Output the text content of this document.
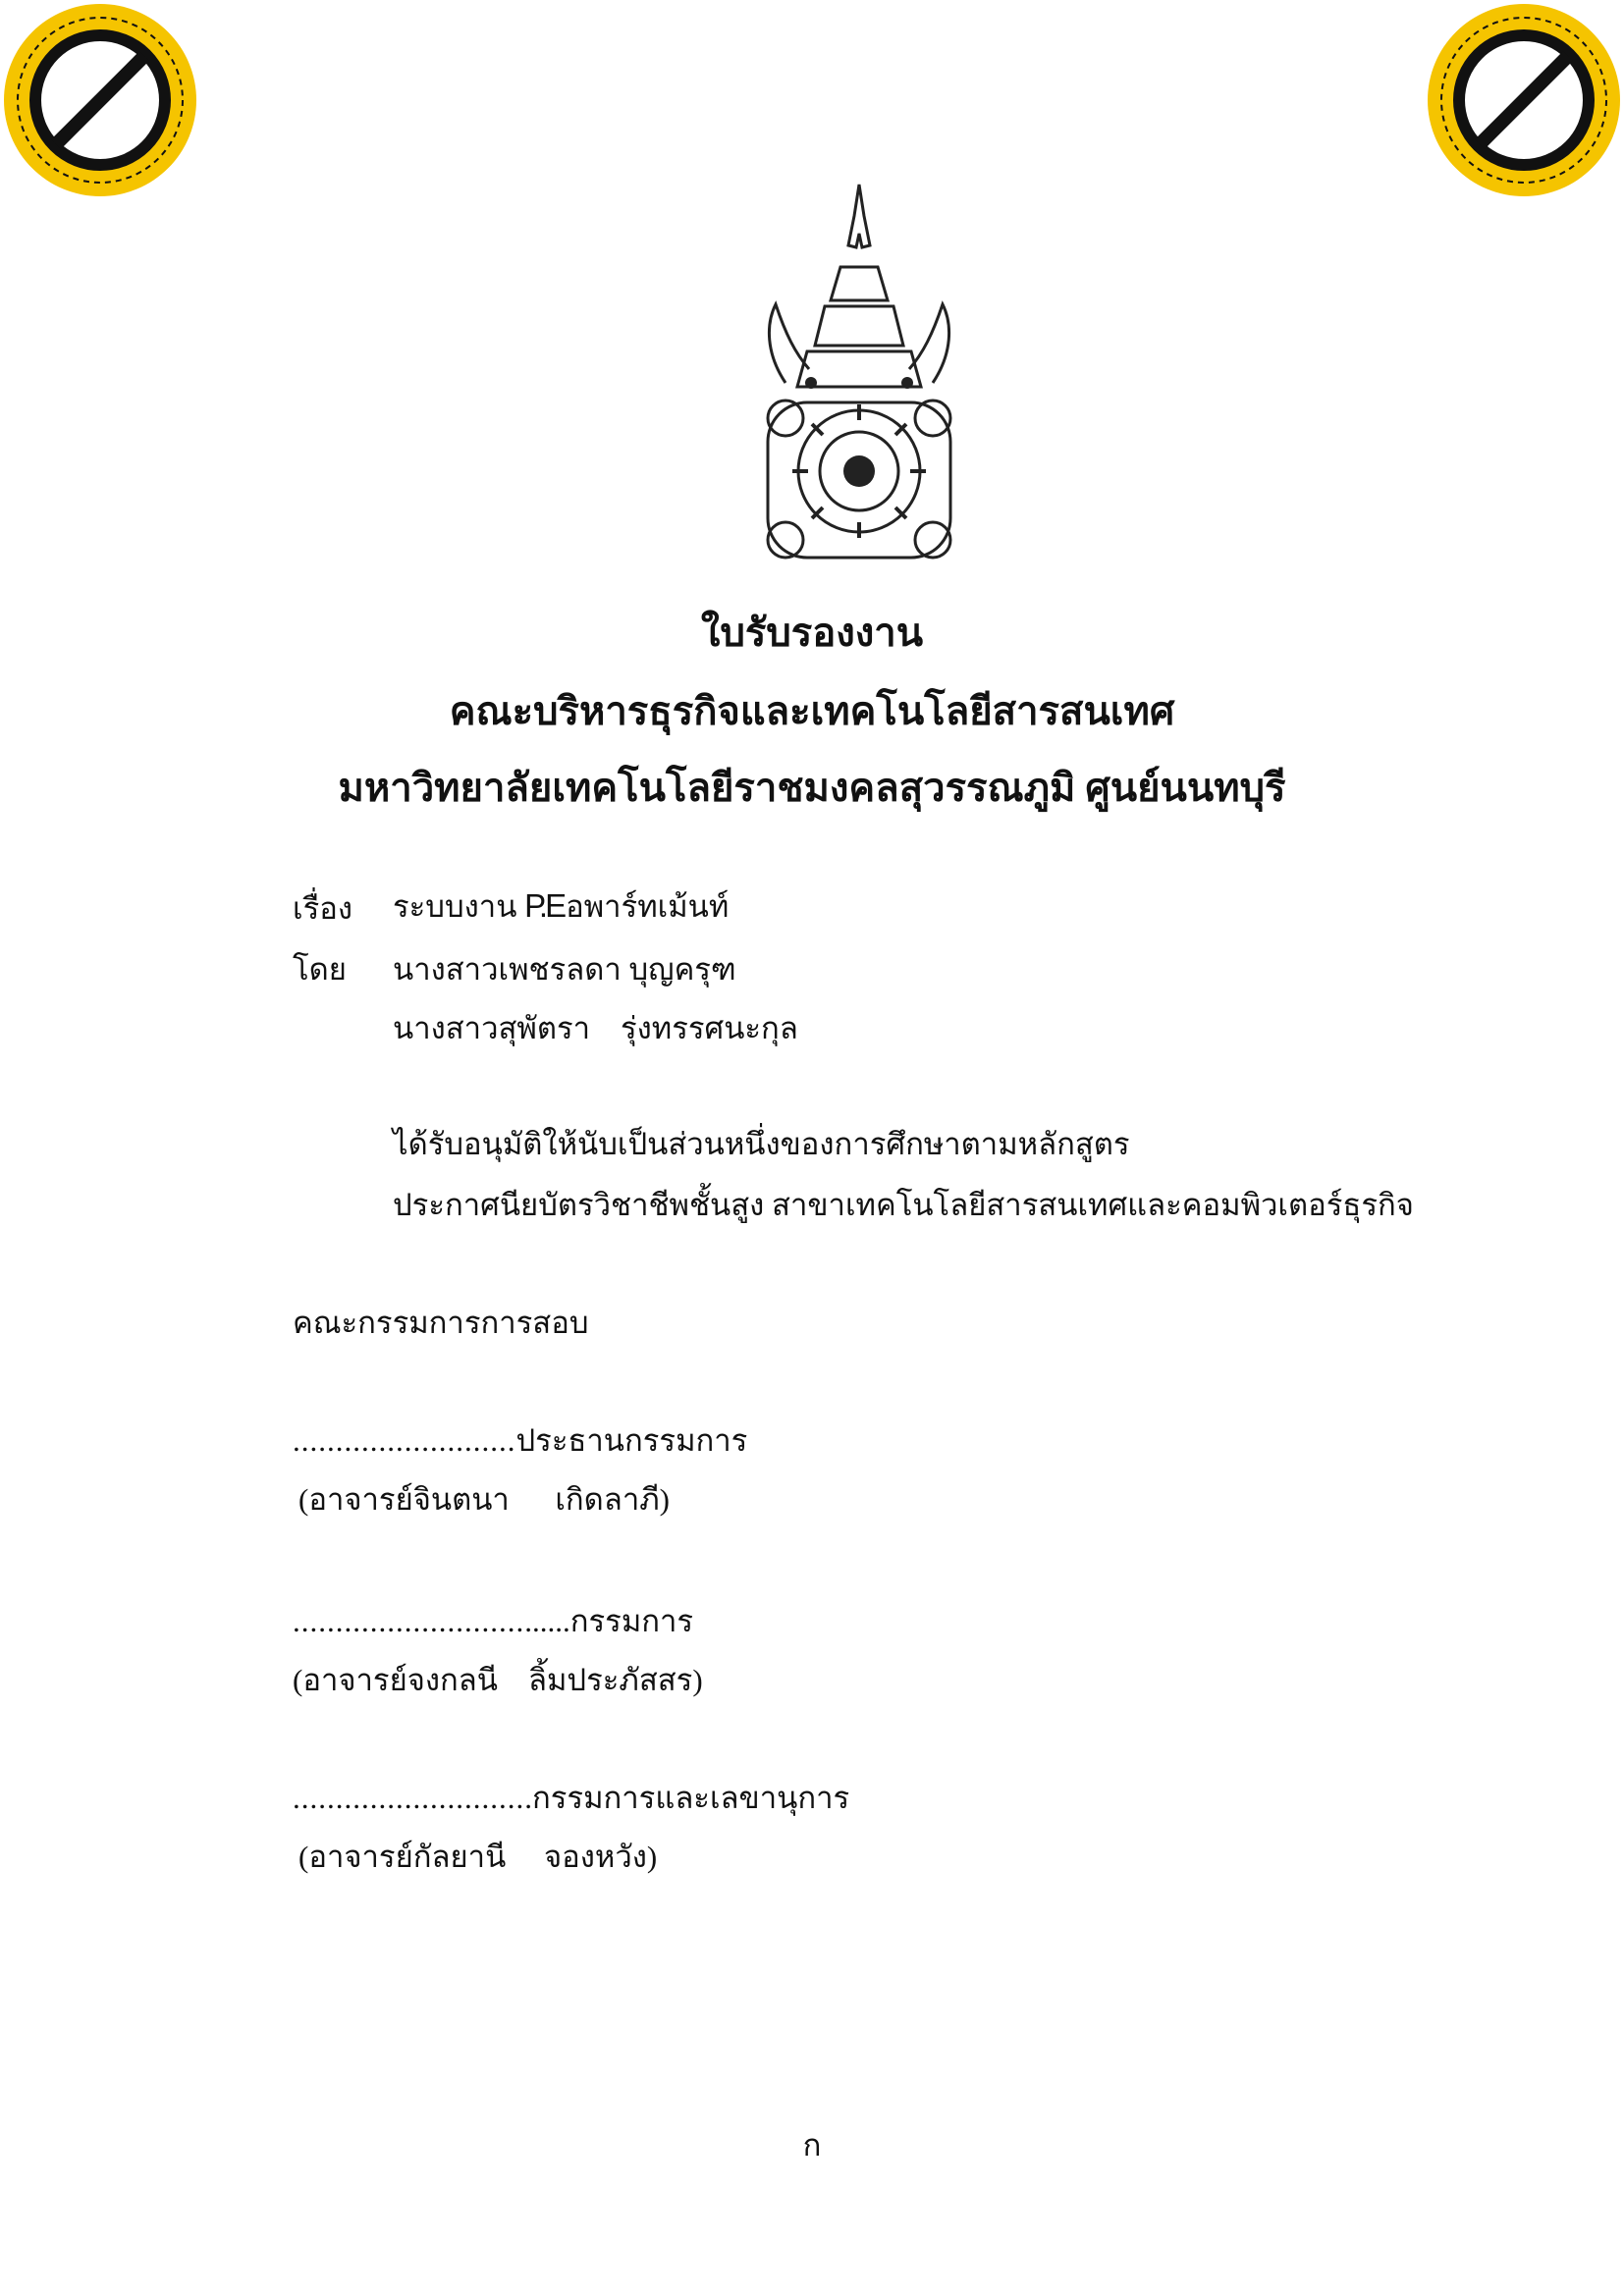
ใบรับรองงาน
คณะบริหารธุรกิจและเทคโนโลยีสารสนเทศ
มหาวิทยาลัยเทคโนโลยีราชมงคลสุวรรณภูมิ ศูนย์นนทบุรี
เรื่อง ระบบงาน P.Eอพาร์ทเม้นท์
โดย นางสาวเพชรลดา บุญครุฑ
นางสาวสุพัตรา    รุ่งทรรศนะกุล
ได้รับอนุมัติให้นับเป็นส่วนหนึ่งของการศึกษาตามหลักสูตร
ประกาศนียบัตรวิชาชีพชั้นสูง สาขาเทคโนโลยีสารสนเทศและคอมพิวเตอร์ธุรกิจ
คณะกรรมการการสอบ
..........................ประธานกรรมการ
(อาจารย์จินตนา      เกิดลาภี)
.................................กรรมการ
(อาจารย์จงกลนี    ลิ้มประภัสสร)
............................กรรมการและเลขานุการ
(อาจารย์กัลยานี     จองหวัง)
ก
